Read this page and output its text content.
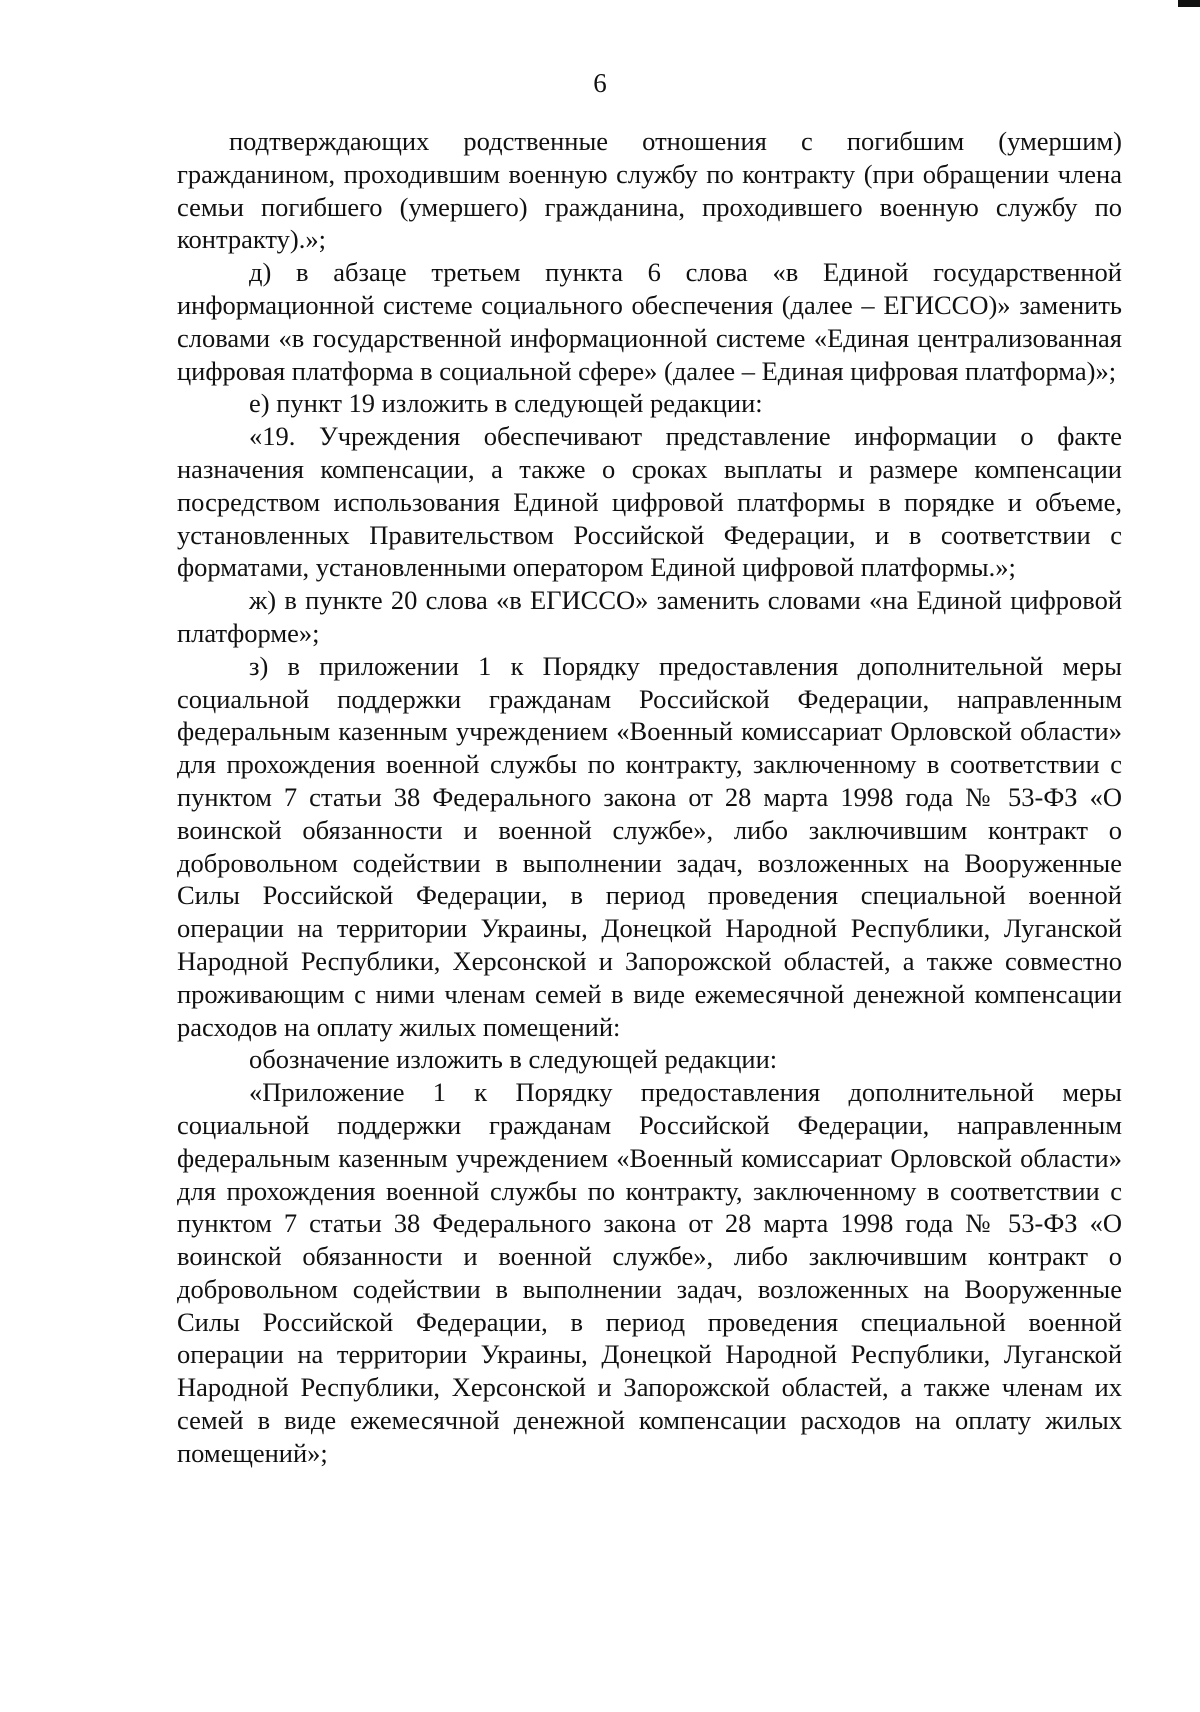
6

подтверждающих родственные отношения с погибшим (умершим) гражданином, проходившим военную службу по контракту (при обращении члена семьи погибшего (умершего) гражданина, проходившего военную службу по контракту).»;

д) в абзаце третьем пункта 6 слова «в Единой государственной информационной системе социального обеспечения (далее – ЕГИССО)» заменить словами «в государственной информационной системе «Единая централизованная цифровая платформа в социальной сфере» (далее – Единая цифровая платформа)»;

е) пункт 19 изложить в следующей редакции:

«19. Учреждения обеспечивают представление информации о факте назначения компенсации, а также о сроках выплаты и размере компенсации посредством использования Единой цифровой платформы в порядке и объеме, установленных Правительством Российской Федерации, и в соответствии с форматами, установленными оператором Единой цифровой платформы.»;

ж) в пункте 20 слова «в ЕГИССО» заменить словами «на Единой цифровой платформе»;

з) в приложении 1 к Порядку предоставления дополнительной меры социальной поддержки гражданам Российской Федерации, направленным федеральным казенным учреждением «Военный комиссариат Орловской области» для прохождения военной службы по контракту, заключенному в соответствии с пунктом 7 статьи 38 Федерального закона от 28 марта 1998 года № 53-ФЗ «О воинской обязанности и военной службе», либо заключившим контракт о добровольном содействии в выполнении задач, возложенных на Вооруженные Силы Российской Федерации, в период проведения специальной военной операции на территории Украины, Донецкой Народной Республики, Луганской Народной Республики, Херсонской и Запорожской областей, а также совместно проживающим с ними членам семей в виде ежемесячной денежной компенсации расходов на оплату жилых помещений:

обозначение изложить в следующей редакции:

«Приложение 1 к Порядку предоставления дополнительной меры социальной поддержки гражданам Российской Федерации, направленным федеральным казенным учреждением «Военный комиссариат Орловской области» для прохождения военной службы по контракту, заключенному в соответствии с пунктом 7 статьи 38 Федерального закона от 28 марта 1998 года № 53-ФЗ «О воинской обязанности и военной службе», либо заключившим контракт о добровольном содействии в выполнении задач, возложенных на Вооруженные Силы Российской Федерации, в период проведения специальной военной операции на территории Украины, Донецкой Народной Республики, Луганской Народной Республики, Херсонской и Запорожской областей, а также членам их семей в виде ежемесячной денежной компенсации расходов на оплату жилых помещений»;
